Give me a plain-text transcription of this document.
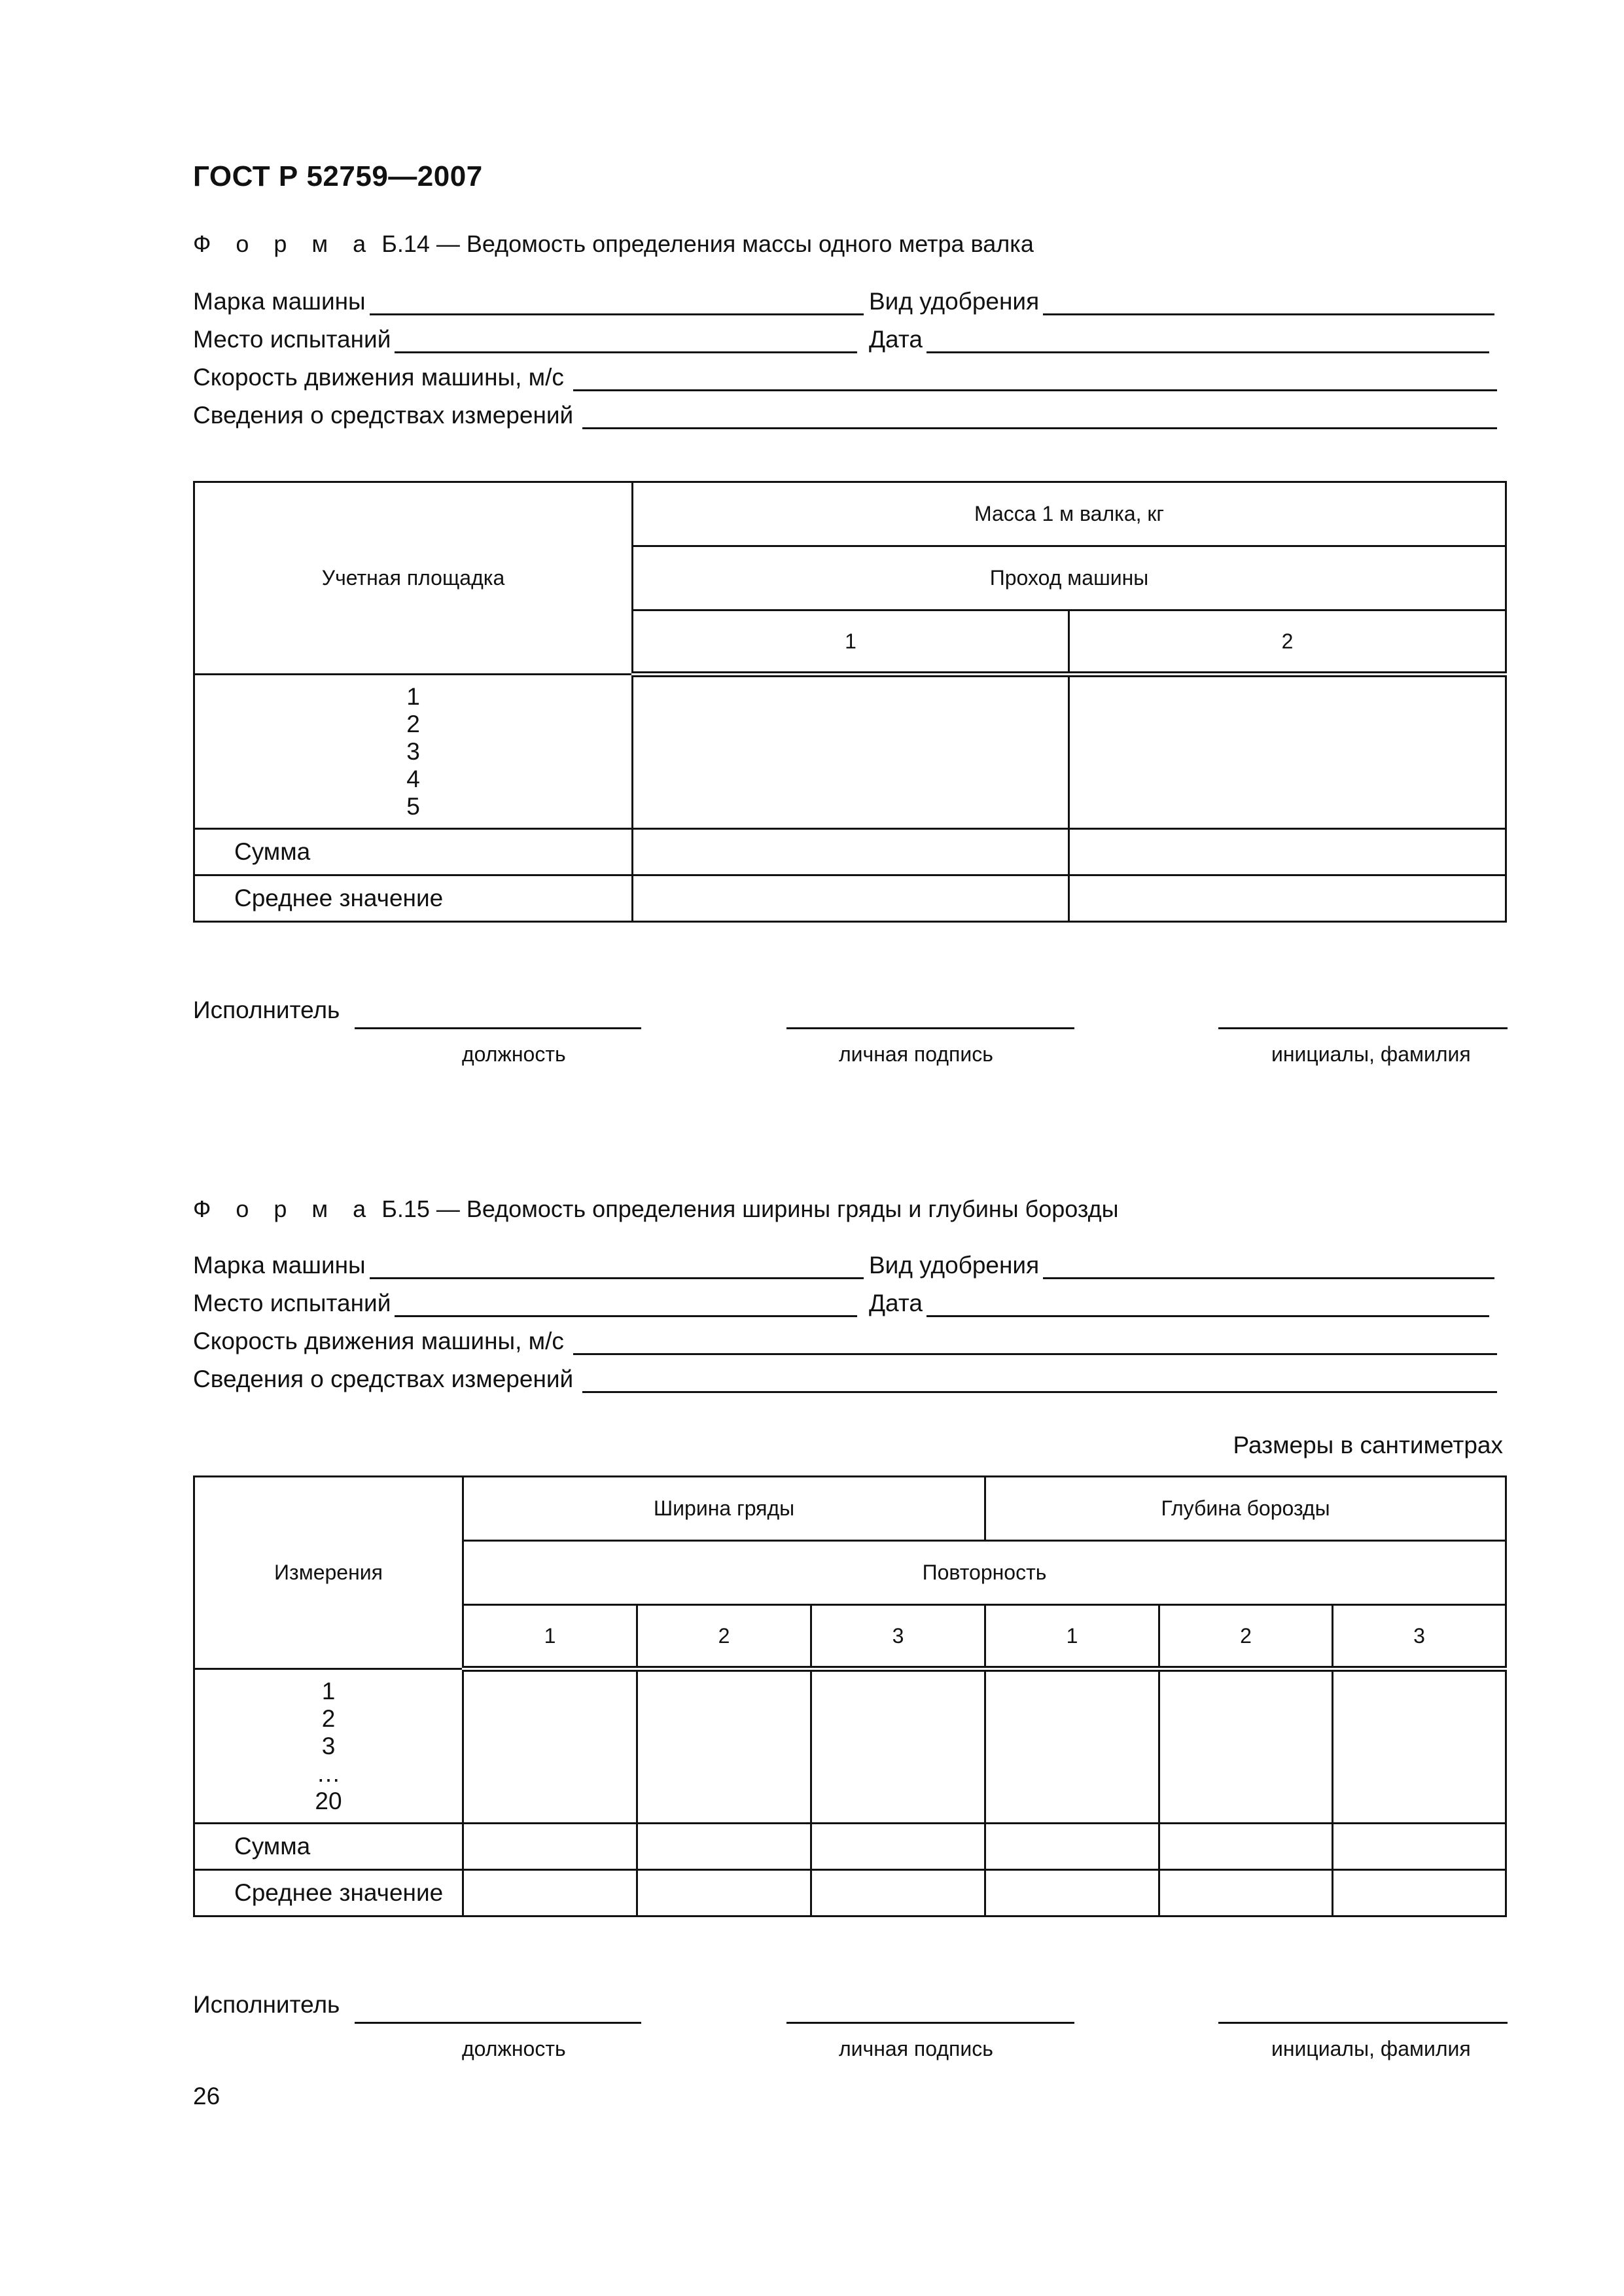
ГОСТ Р 52759—2007
Ф о р м а Б.14 — Ведомость определения массы одного метра валка
Марка машины	Вид удобрения
Место испытаний	Дата
Скорость движения машины, м/с
Сведения о средствах измерений
Учетная площадка	Масса 1 м валка, кг	
	Проход машины	
	1	2

1
2
3
4
5		

Сумма		
Среднее значение		
Исполнитель
должность	личная подпись	инициалы, фамилия
Ф о р м а Б.15 — Ведомость определения ширины гряды и глубины борозды
Марка машины	Вид удобрения
Место испытаний	Дата
Скорость движения машины, м/с
Сведения о средствах измерений
Размеры в сантиметрах
Измерения	Ширина гряды			Глубина борозды		
	Повторность					
	1	2	3	1	2	3

1
2
3
…
20						

Сумма						
Среднее значение						
Исполнитель
должность	личная подпись	инициалы, фамилия
26
